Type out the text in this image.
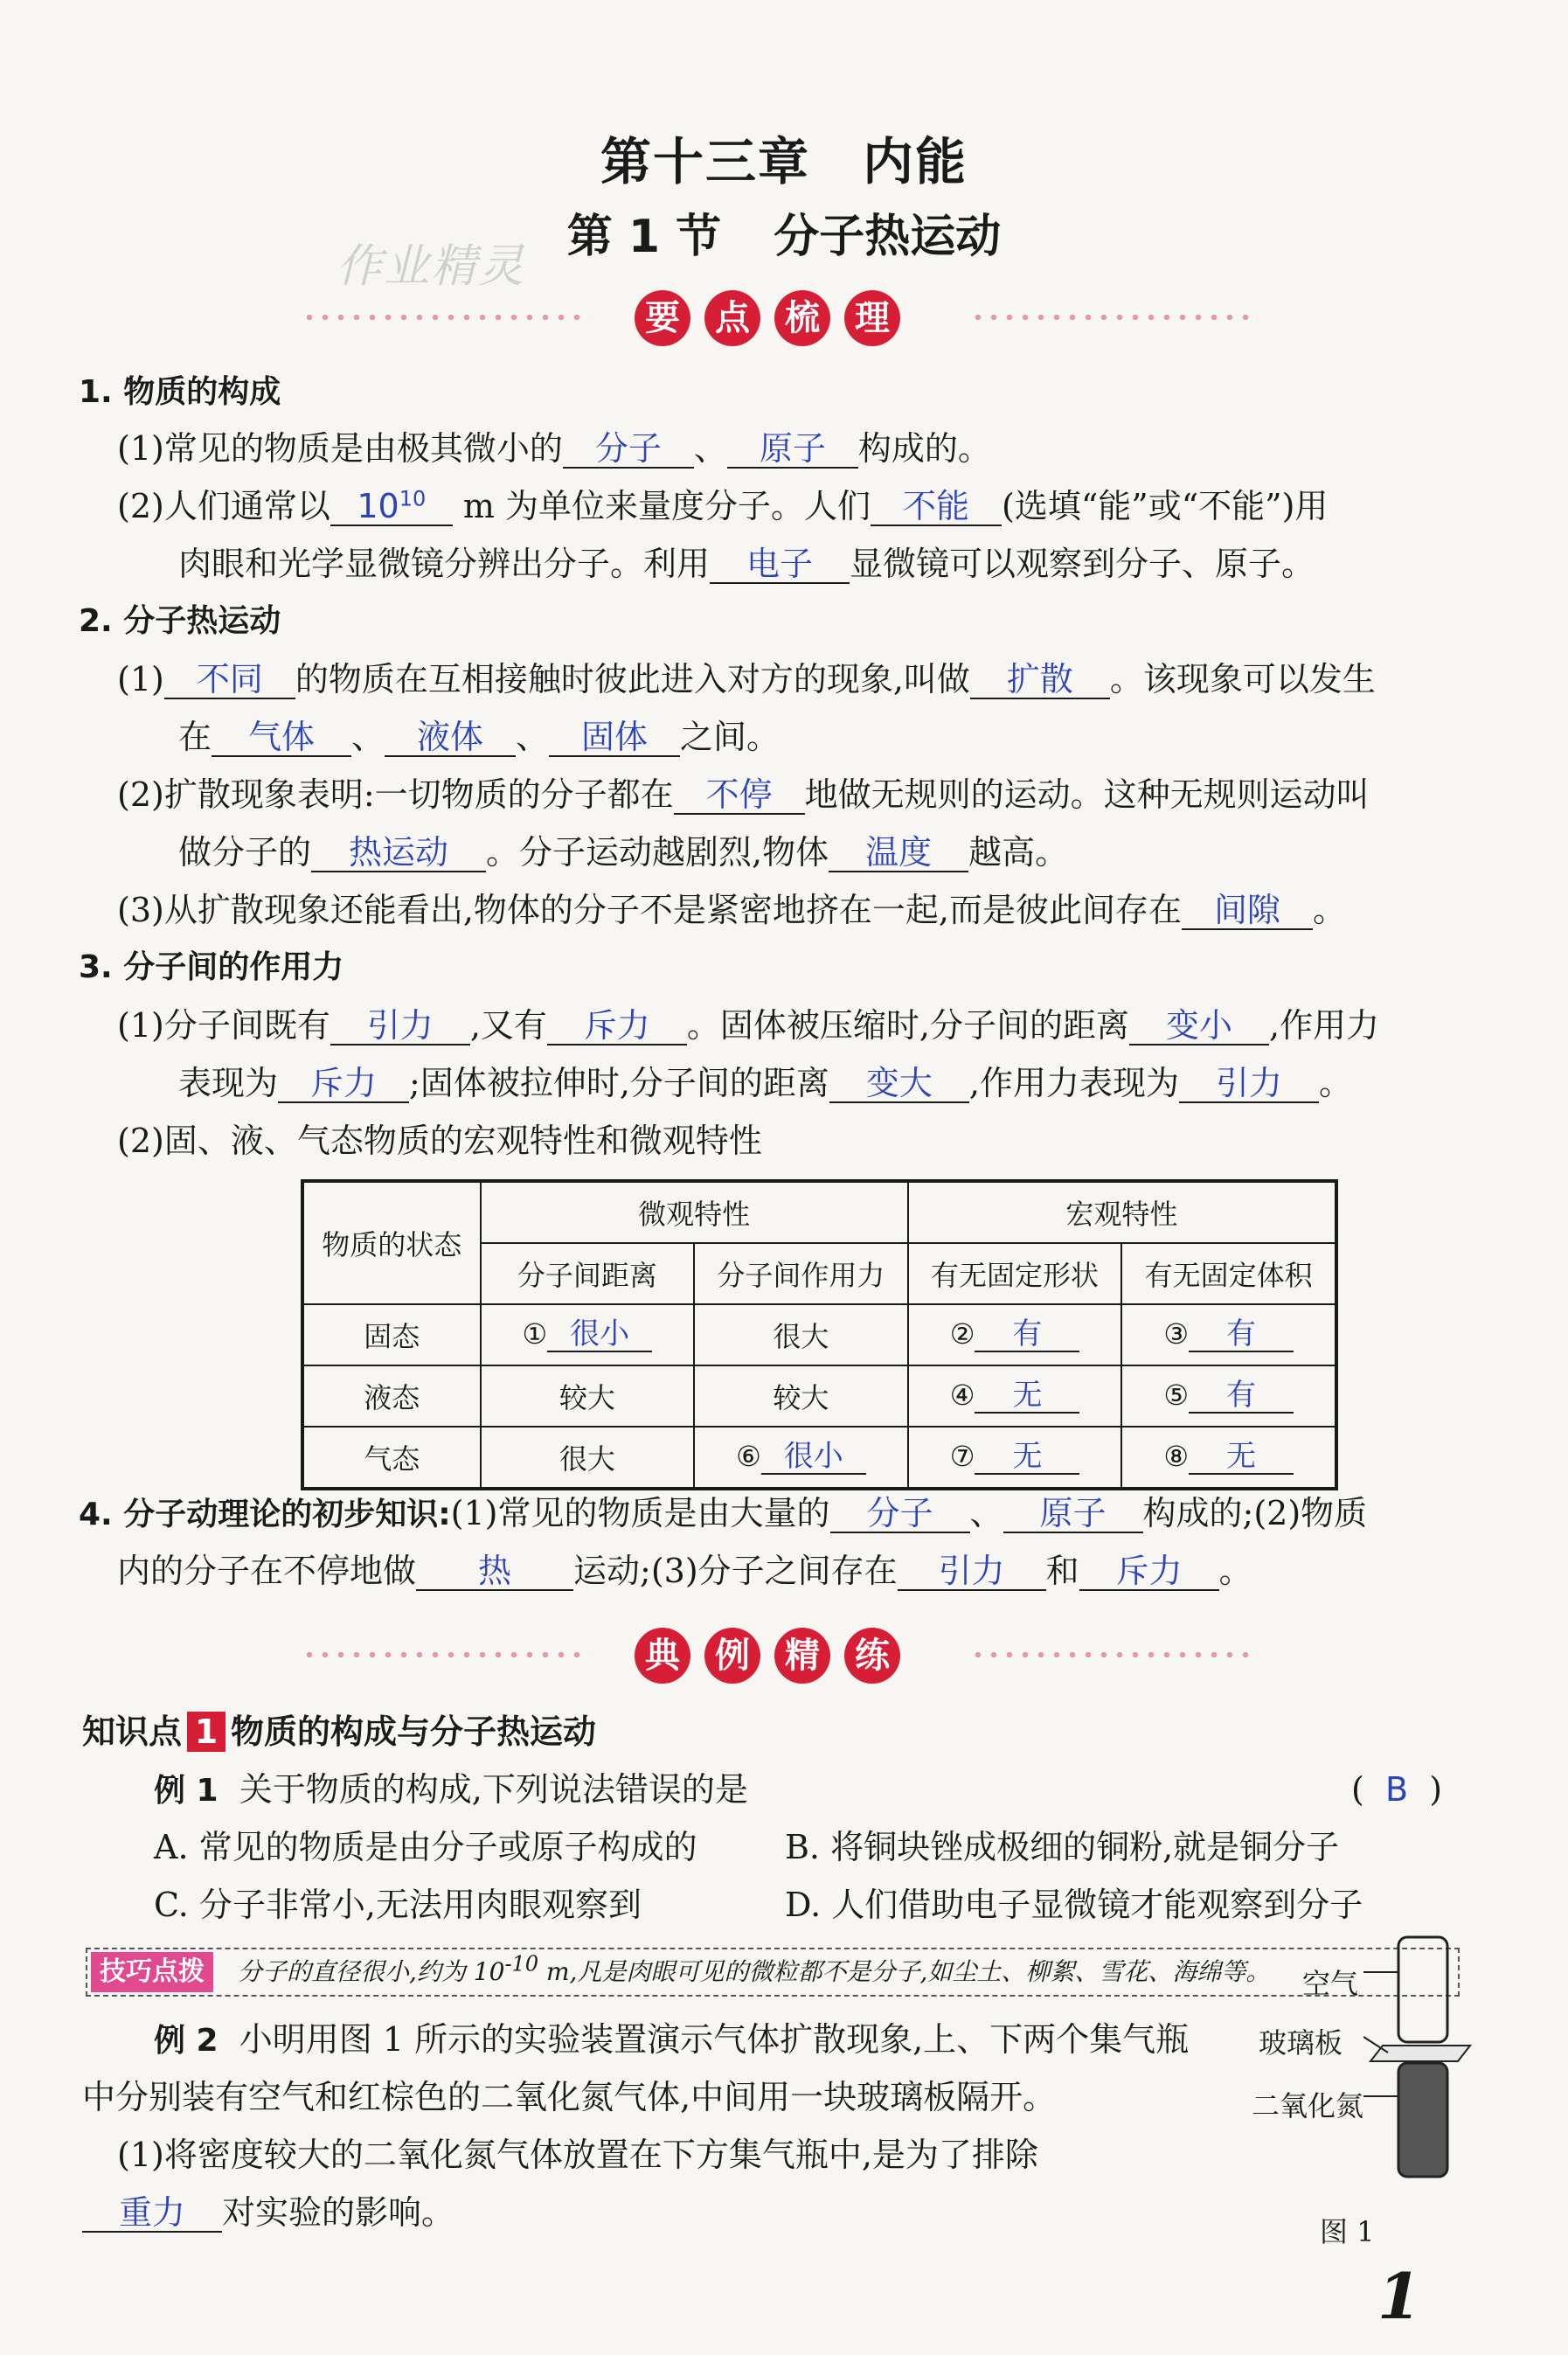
第十三章 内能
第 1 节 分子热运动
作业精灵
要	点	梳	理
1. 物质的构成
(1)常见的物质是由极其微小的 分子 、 原子 构成的。
(2)人们通常以 $10^{10}$ m 为单位来量度分子。人们 不能 (选填“能”或“不能”)用
肉眼和光学显微镜分辨出分子。利用 电子 显微镜可以观察到分子、原子。
2. 分子热运动
(1) 不同 的物质在互相接触时彼此进入对方的现象,叫做 扩散 。该现象可以发生
在 气体 、 液体 、 固体 之间。
(2)扩散现象表明:一切物质的分子都在 不停 地做无规则的运动。这种无规则运动叫
做分子的 热运动 。分子运动越剧烈,物体 温度 越高。
(3)从扩散现象还能看出,物体的分子不是紧密地挤在一起,而是彼此间存在 间隙 。
3. 分子间的作用力
(1)分子间既有 引力 ,又有 斥力 。固体被压缩时,分子间的距离 变小 ,作用力
表现为 斥力 ;固体被拉伸时,分子间的距离 变大 ,作用力表现为 引力 。
(2)固、液、气态物质的宏观特性和微观特性
物质的状态	微观特性		宏观特性	
	分子间距离	分子间作用力	有无固定形状	有无固定体积
固态	① 很小	很大	② 有	③ 有
液态	较大	较大	④ 无	⑤ 有
气态	很大	⑥ 很小	⑦ 无	⑧ 无
4. 分子动理论的初步知识:(1)常见的物质是由大量的 分子 、 原子 构成的;(2)物质
内的分子在不停地做 热 运动;(3)分子之间存在 引力 和 斥力 。
典	例	精	练
知识点 1 物质的构成与分子热运动
例 1 关于物质的构成,下列说法错误的是	( B )
A. 常见的物质是由分子或原子构成的	B. 将铜块锉成极细的铜粉,就是铜分子
C. 分子非常小,无法用肉眼观察到	D. 人们借助电子显微镜才能观察到分子
技巧点拨 分子的直径很小,约为 $10^{-10}$ m,凡是肉眼可见的微粒都不是分子,如尘土、柳絮、雪花、海绵等。
例 2 小明用图 1 所示的实验装置演示气体扩散现象,上、下两个集气瓶
中分别装有空气和红棕色的二氧化氮气体,中间用一块玻璃板隔开。
(1)将密度较大的二氧化氮气体放置在下方集气瓶中,是为了排除
重力 对实验的影响。
空气
玻璃板
二氧化氮
图 1
1
